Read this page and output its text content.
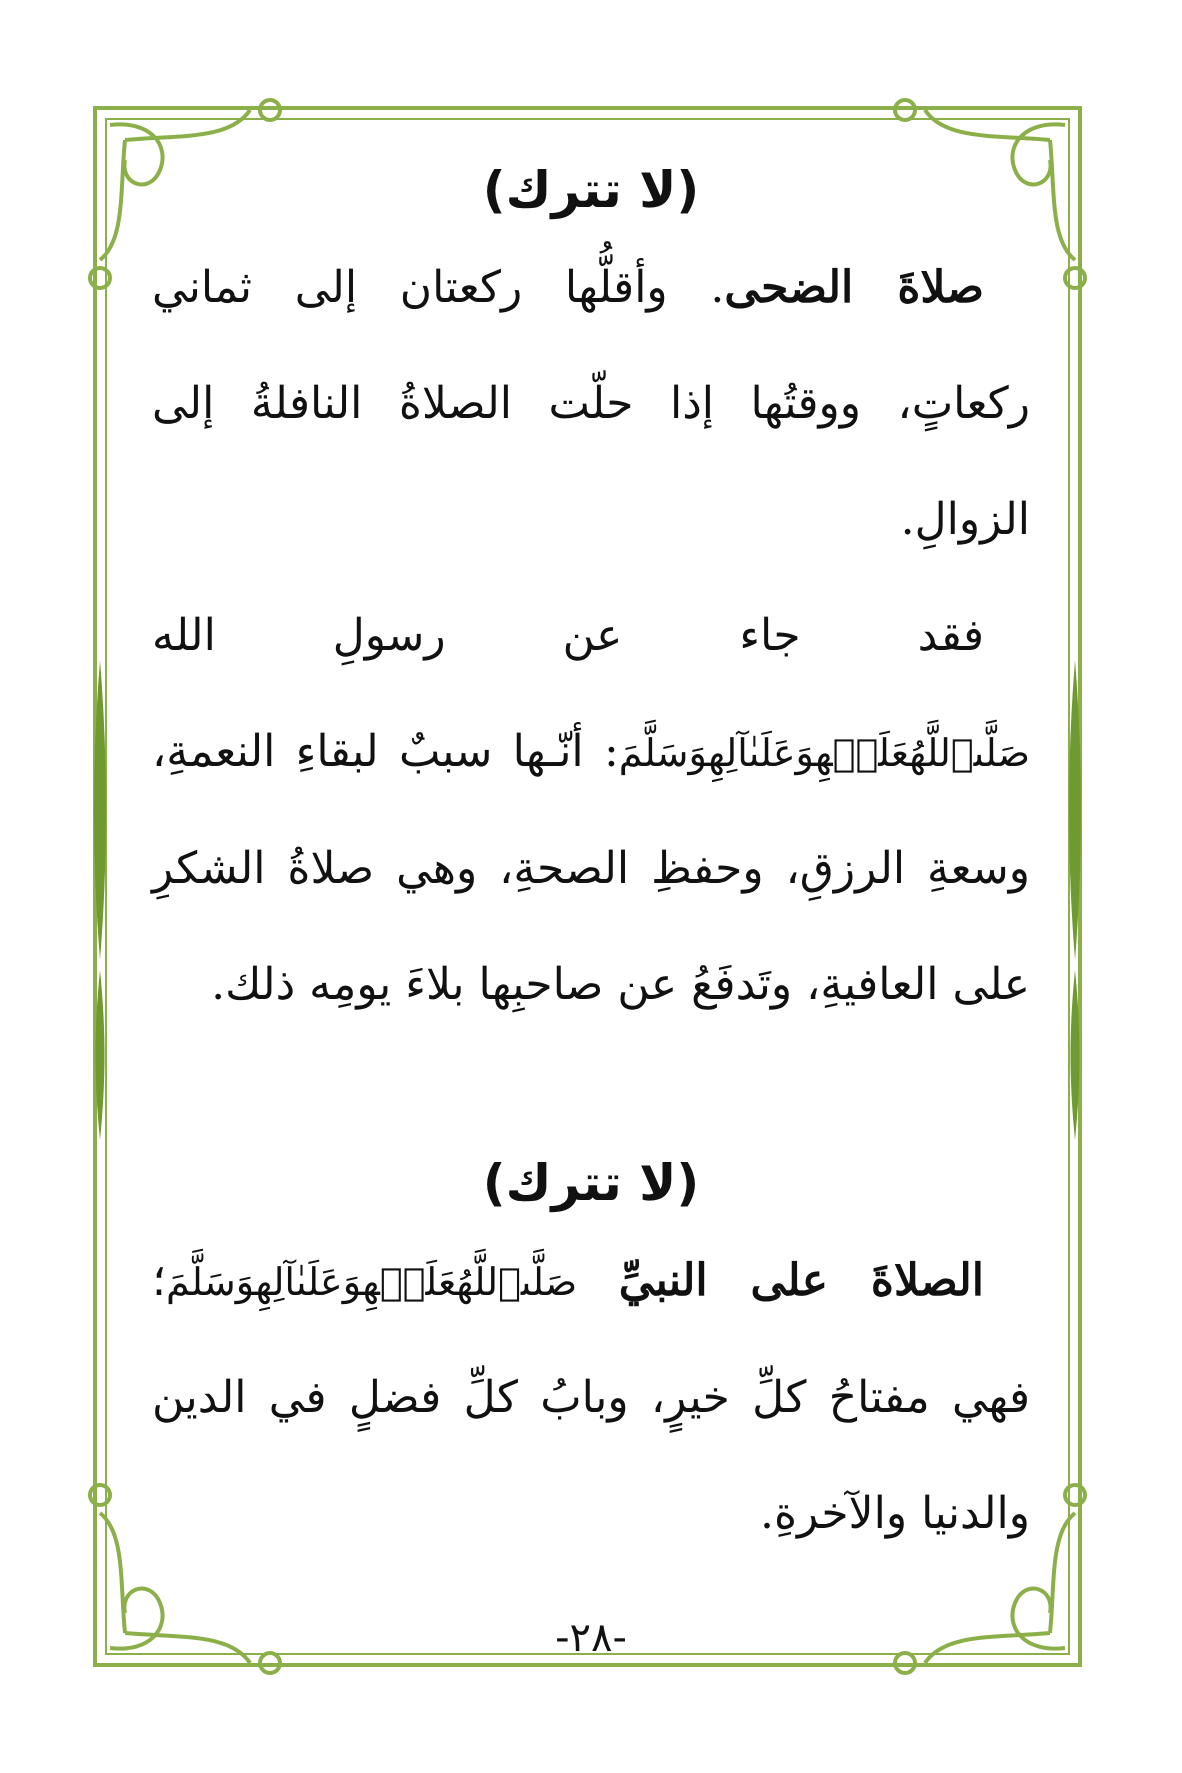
(لا تترك)

صلاةَ الضحى. وأقلُّها ركعتان إلى ثماني ركعاتٍ، ووقتُها إذا حلّت الصلاةُ النافلةُ إلى الزوالِ.

فقد جاء عن رسولِ الله صَلَّىٱللَّهُعَلَيۡهِوَعَلَىٰآلِهِوَسَلَّمَ: أنّـها سببٌ لبقاءِ النعمةِ، وسعةِ الرزقِ، وحفظِ الصحةِ، وهي صلاةُ الشكرِ على العافيةِ، وتَدفَعُ عن صاحبِها بلاءَ يومِه ذلك.

(لا تترك)

الصلاةَ على النبيِّ صَلَّىٱللَّهُعَلَيۡهِوَعَلَىٰآلِهِوَسَلَّمَ؛ فهي مفتاحُ كلِّ خيرٍ، وبابُ كلِّ فضلٍ في الدين والدنيا والآخرةِ.

-٢٨-
